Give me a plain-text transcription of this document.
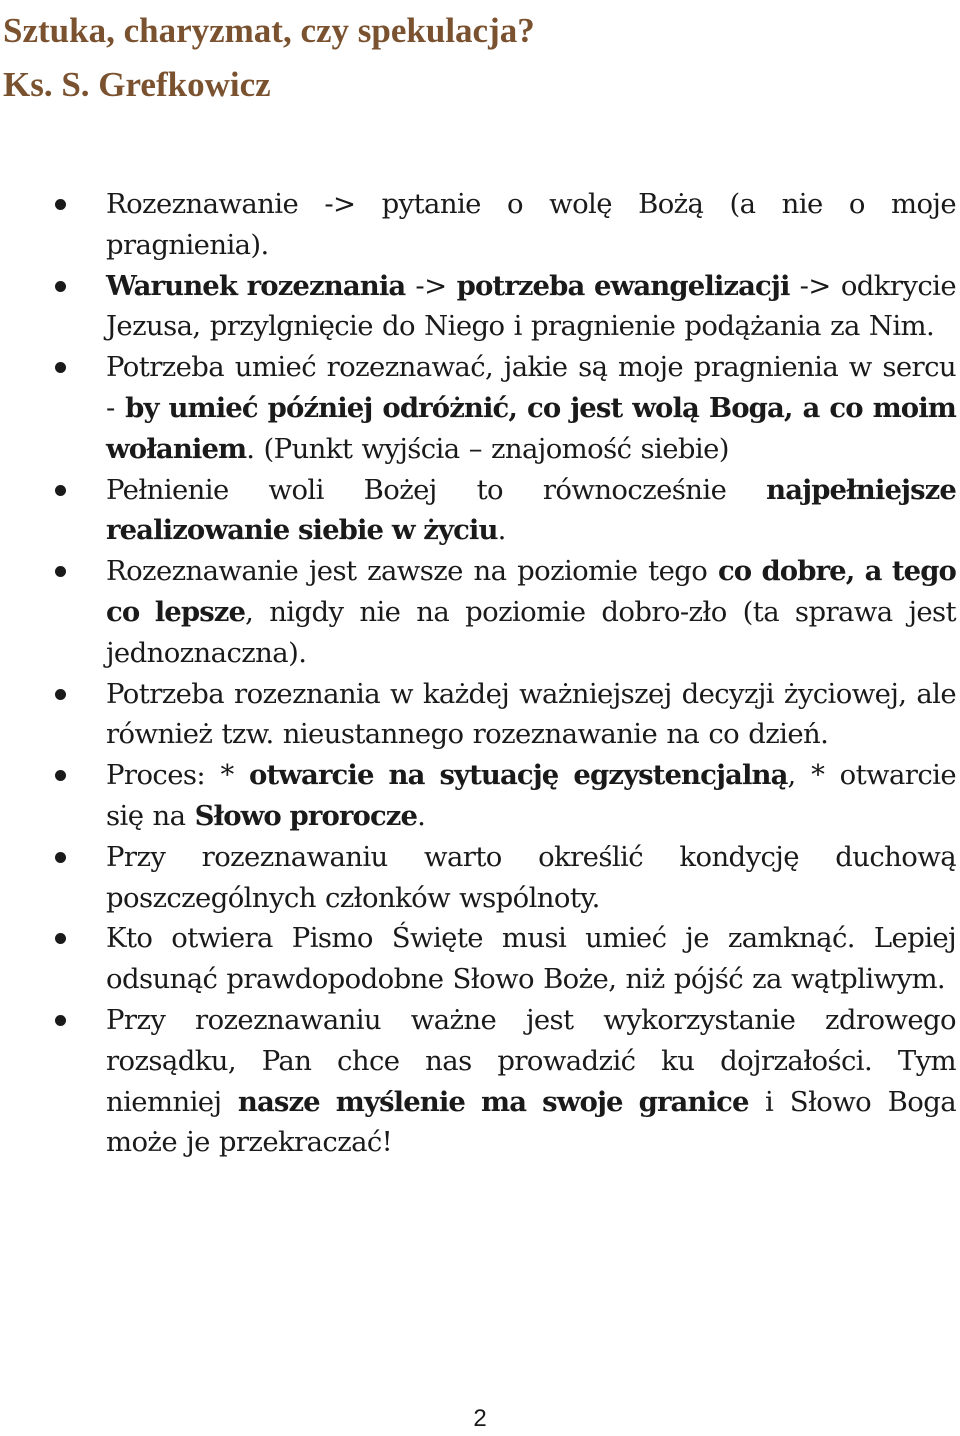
Sztuka, charyzmat, czy spekulacja?
Ks. S. Grefkowicz
Rozeznawanie -> pytanie o wolę Bożą (a nie o moje pragnienia).
Warunek rozeznania -> potrzeba ewangelizacji -> odkrycie Jezusa, przylgnięcie do Niego i pragnienie podążania za Nim.
Potrzeba umieć rozeznawać, jakie są moje pragnienia w sercu - by umieć później odróżnić, co jest wolą Boga, a co moim wołaniem. (Punkt wyjścia – znajomość siebie)
Pełnienie woli Bożej to równocześnie najpełniejsze realizowanie siebie w życiu.
Rozeznawanie jest zawsze na poziomie tego co dobre, a tego co lepsze, nigdy nie na poziomie dobro-zło (ta sprawa jest jednoznaczna).
Potrzeba rozeznania w każdej ważniejszej decyzji życiowej, ale również tzw. nieustannego rozeznawanie na co dzień.
Proces: * otwarcie na sytuację egzystencjalną, * otwarcie się na Słowo prorocze.
Przy rozeznawaniu warto określić kondycję duchową poszczególnych członków wspólnoty.
Kto otwiera Pismo Święte musi umieć je zamknąć. Lepiej odsunąć prawdopodobne Słowo Boże, niż pójść za wątpliwym.
Przy rozeznawaniu ważne jest wykorzystanie zdrowego rozsądku, Pan chce nas prowadzić ku dojrzałości. Tym niemniej nasze myślenie ma swoje granice i Słowo Boga może je przekraczać!
2
